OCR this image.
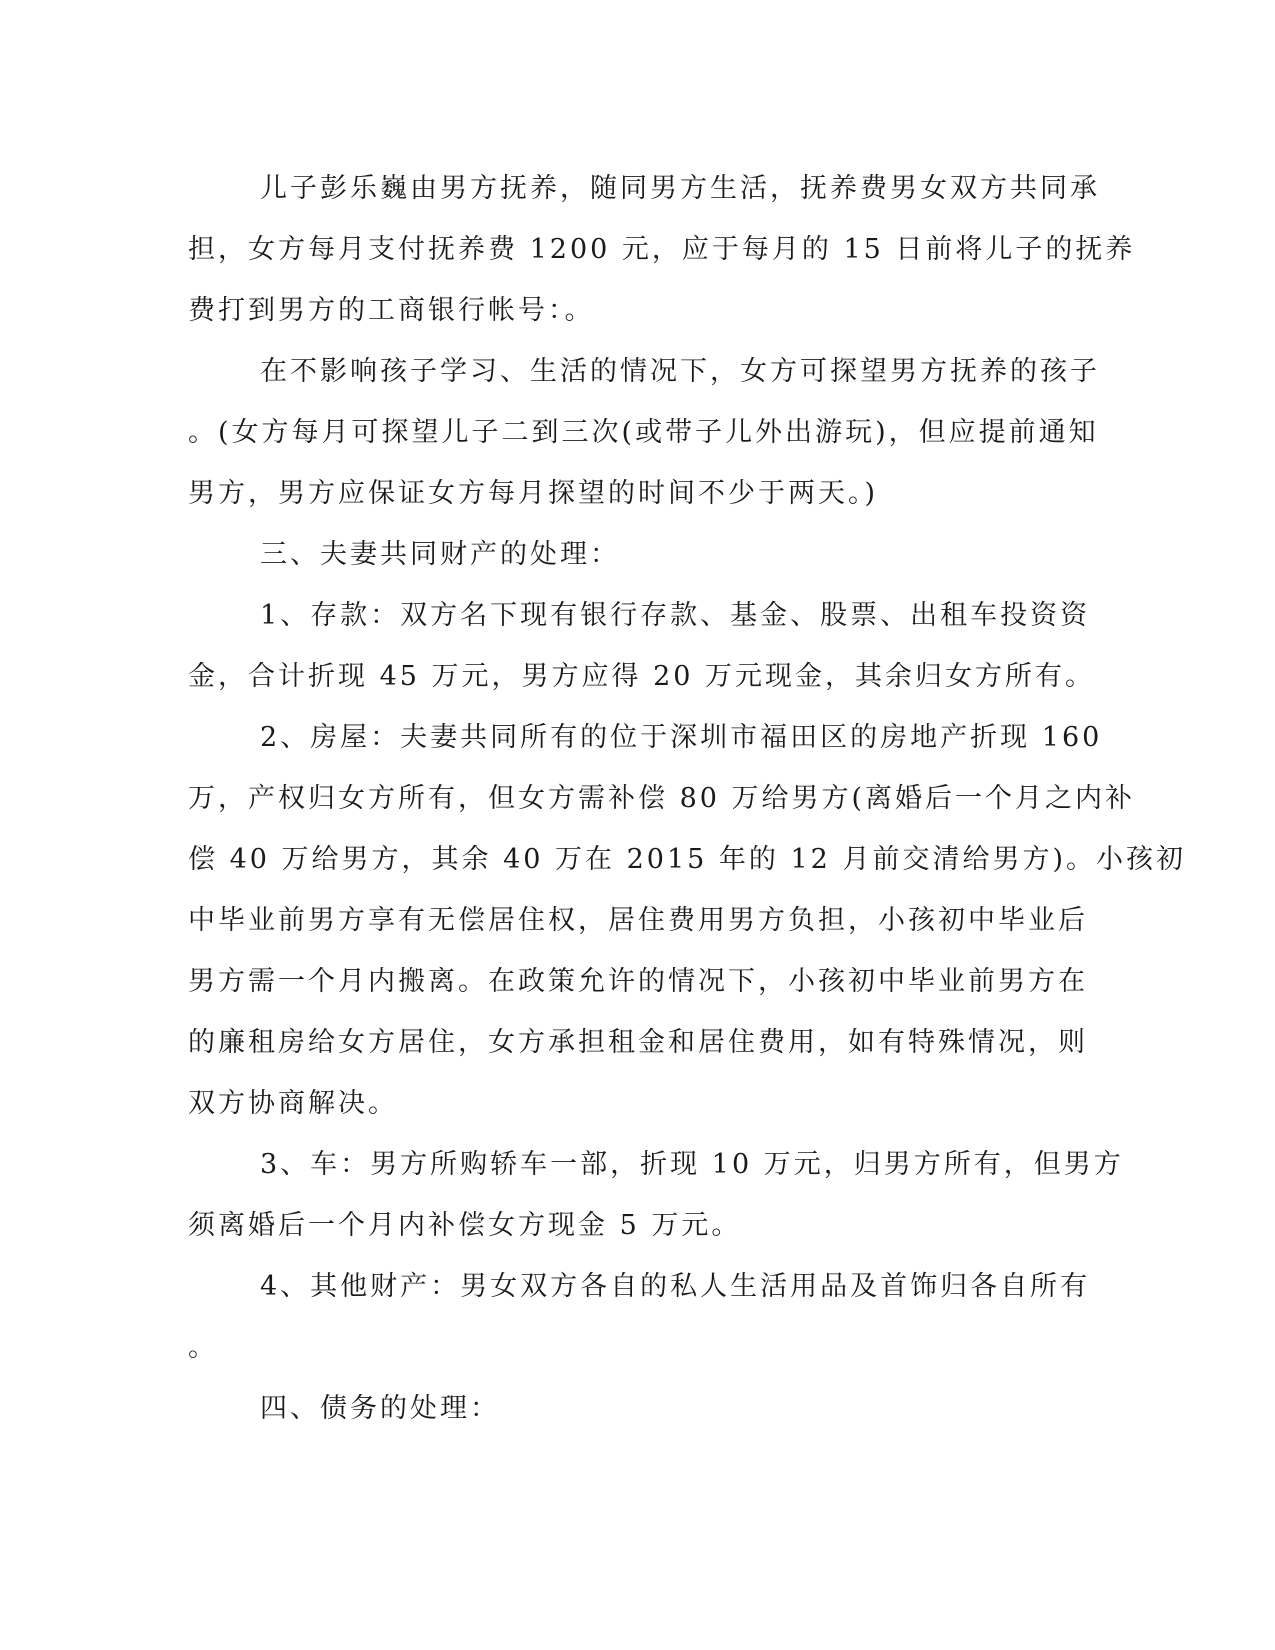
儿子彭乐巍由男方抚养，随同男方生活，抚养费男女双方共同承
担，女方每月支付抚养费 1200 元，应于每月的 15 日前将儿子的抚养
费打到男方的工商银行帐号：。
在不影响孩子学习、生活的情况下，女方可探望男方抚养的孩子
。(女方每月可探望儿子二到三次(或带子儿外出游玩)，但应提前通知
男方，男方应保证女方每月探望的时间不少于两天。)
三、夫妻共同财产的处理：
1、存款：双方名下现有银行存款、基金、股票、出租车投资资
金，合计折现 45 万元，男方应得 20 万元现金，其余归女方所有。
2、房屋：夫妻共同所有的位于深圳市福田区的房地产折现 160
万，产权归女方所有，但女方需补偿 80 万给男方(离婚后一个月之内补
偿 40 万给男方，其余 40 万在 2015 年的 12 月前交清给男方)。小孩初
中毕业前男方享有无偿居住权，居住费用男方负担，小孩初中毕业后
男方需一个月内搬离。在政策允许的情况下，小孩初中毕业前男方在
的廉租房给女方居住，女方承担租金和居住费用，如有特殊情况，则
双方协商解决。
3、车：男方所购轿车一部，折现 10 万元，归男方所有，但男方
须离婚后一个月内补偿女方现金 5 万元。
4、其他财产：男女双方各自的私人生活用品及首饰归各自所有
。
四、债务的处理：
